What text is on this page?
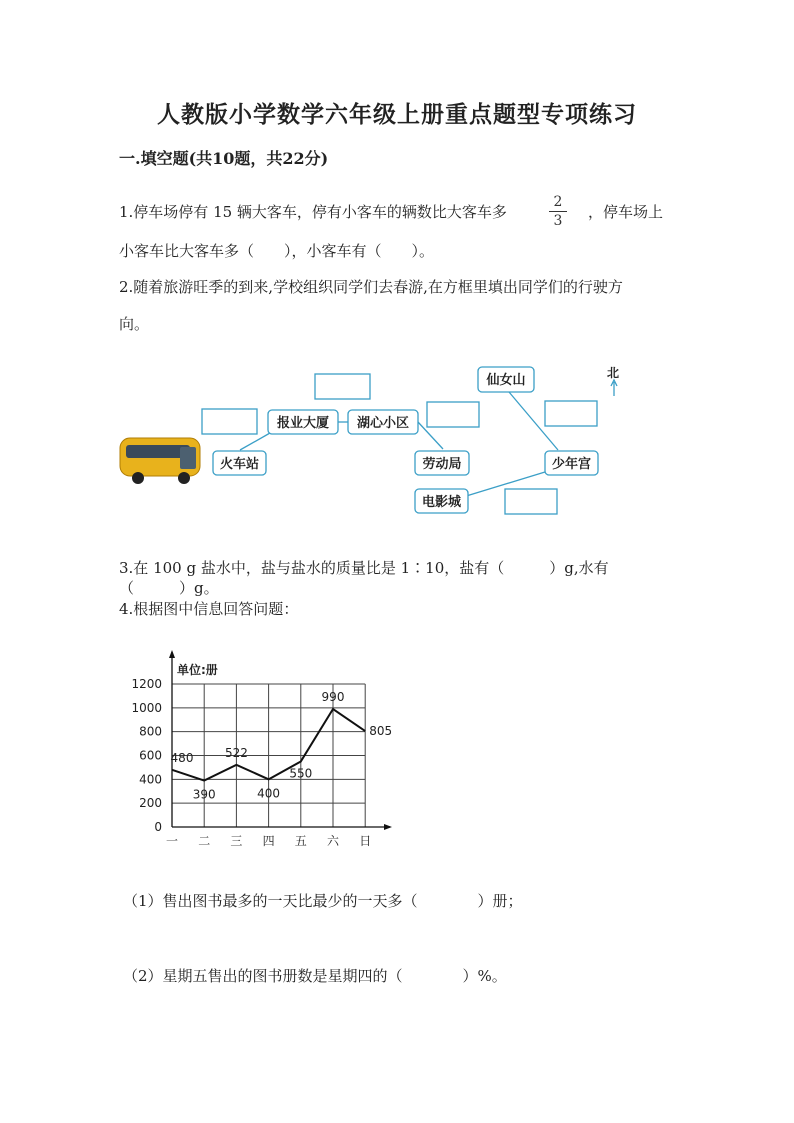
人教版小学数学六年级上册重点题型专项练习
一.填空题(共10题，共22分)
1.停车场停有 15 辆大客车，停有小客车的辆数比大客车多
2
3	，停车场上
小客车比大客车多（　　），小客车有（　　）。
2.随着旅游旺季的到来,学校组织同学们去春游,在方框里填出同学们的行驶方
向。
北
火车站
报业大厦 湖心小区
劳动局
电影城
少年宫
仙女山
3.在 100 g 盐水中，盐与盐水的质量比是 1∶10，盐有（　　　）g,水有
（　　　）g。
4.根据图中信息回答问题：
0
200
400
600
800
1000
1200
一 二 三 四 五 六 日
480
390
522
400
550
990
805
单位:册
（1）售出图书最多的一天比最少的一天多（　　　　）册；
（2）星期五售出的图书册数是星期四的（　　　　）%。
